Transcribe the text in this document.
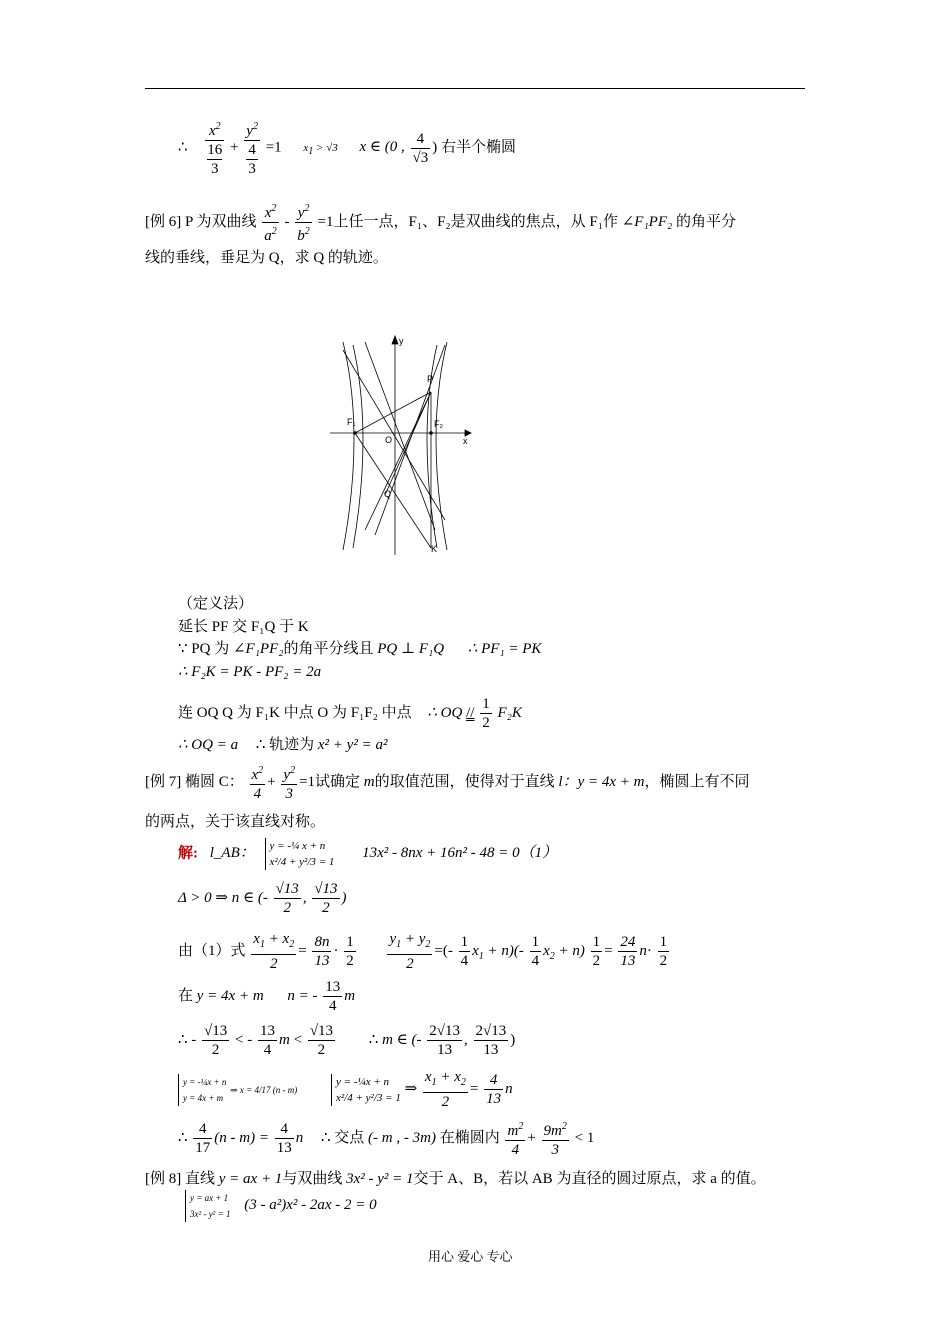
∴ $x^2$
16
$3 + y^2$
4
3 =1 $x_1 > √3$ x ∈ (0 , $\frac{4}{√3}$ ) 右半个椭圆
[例 6] P 为双曲线 $\frac{x^2}{a^2} - \frac{y^2}{b^2} =1$上任一点，F₁、F₂是双曲线的焦点，从 F₁作 ∠F₁PF₂ 的角平分
线的垂线，垂足为 Q，求 Q 的轨迹。
y
x
P
F₁	F₂
O
Q
K
（定义法）
延长 PF 交 F₁Q 于 K
∵ PQ 为 ∠F₁PF₂的角平分线且 PQ ⊥ F₁Q ∴ PF₁ = PK
∴ F₂K = PK - PF₂ = 2a
连 OQ Q 为 F₁K 中点 O 为 F₁F₂ 中点 ∴ OQ // $\frac{1}{2} F_2K$
∴ OQ = a ∴ 轨迹为 x² + y² = a²
[例 7] 椭圆 C： $\frac{x^2}{4} + \frac{y^2}{3} =1$试确定 m的取值范围，使得对于直线 l：y = 4x + m，椭圆上有不同
的两点，关于该直线对称。
解: l_AB： y = -¼ x + n
x²/4 + y²/3 = 1
13x² - 8nx + 16n² - 48 = 0（1）
Δ > 0 ⇒ n ∈ (- $\frac{√13}{2}$ , $\frac{√13}{2}$ )
由（1）式 $\frac{x_1 + x_2}{2} = \frac{8n}{13} \cdot \frac{1}{2}$
$\frac{y_1 + y_2}{2}$ =(- $\frac{1}{4} x_1 + n)(- \frac{1}{4} x_2 + n) \frac{1}{2} = \frac{24}{13} n\cdot \frac{1}{2}$
在 y = 4x + m n = - $\frac{13}{4}$ m
∴ - $\frac{√13}{2}$ < - $\frac{13}{4}$ $m < \frac{√13}{2}$ ∴ m ∈ (- $\frac{2√13}{13}$ , $\frac{2√13}{13}$ )
y = -¼x + n
y = 4x + m ⇒ x = 4/17 (n - m) y = -¼x + n
x²/4 + y²/3 = 1 ⇒ $\frac{x_1 + x_2}{2} = \frac{4}{13}$ n
∴ $\frac{4}{17} (n - m) = \frac{4}{13}$ n ∴ 交点 (- m , - 3m) 在椭圆内 $\frac{m^2}{4} + \frac{9m^2}{3} < 1$
[例 8] 直线 y = ax + 1与双曲线 3x² - y² = 1交于 A、B，若以 AB 为直径的圆过原点，求 a 的值。
y = ax + 1
3x² - y² = 1
(3 - a²)x² - 2ax - 2 = 0
用心 爱心 专心
